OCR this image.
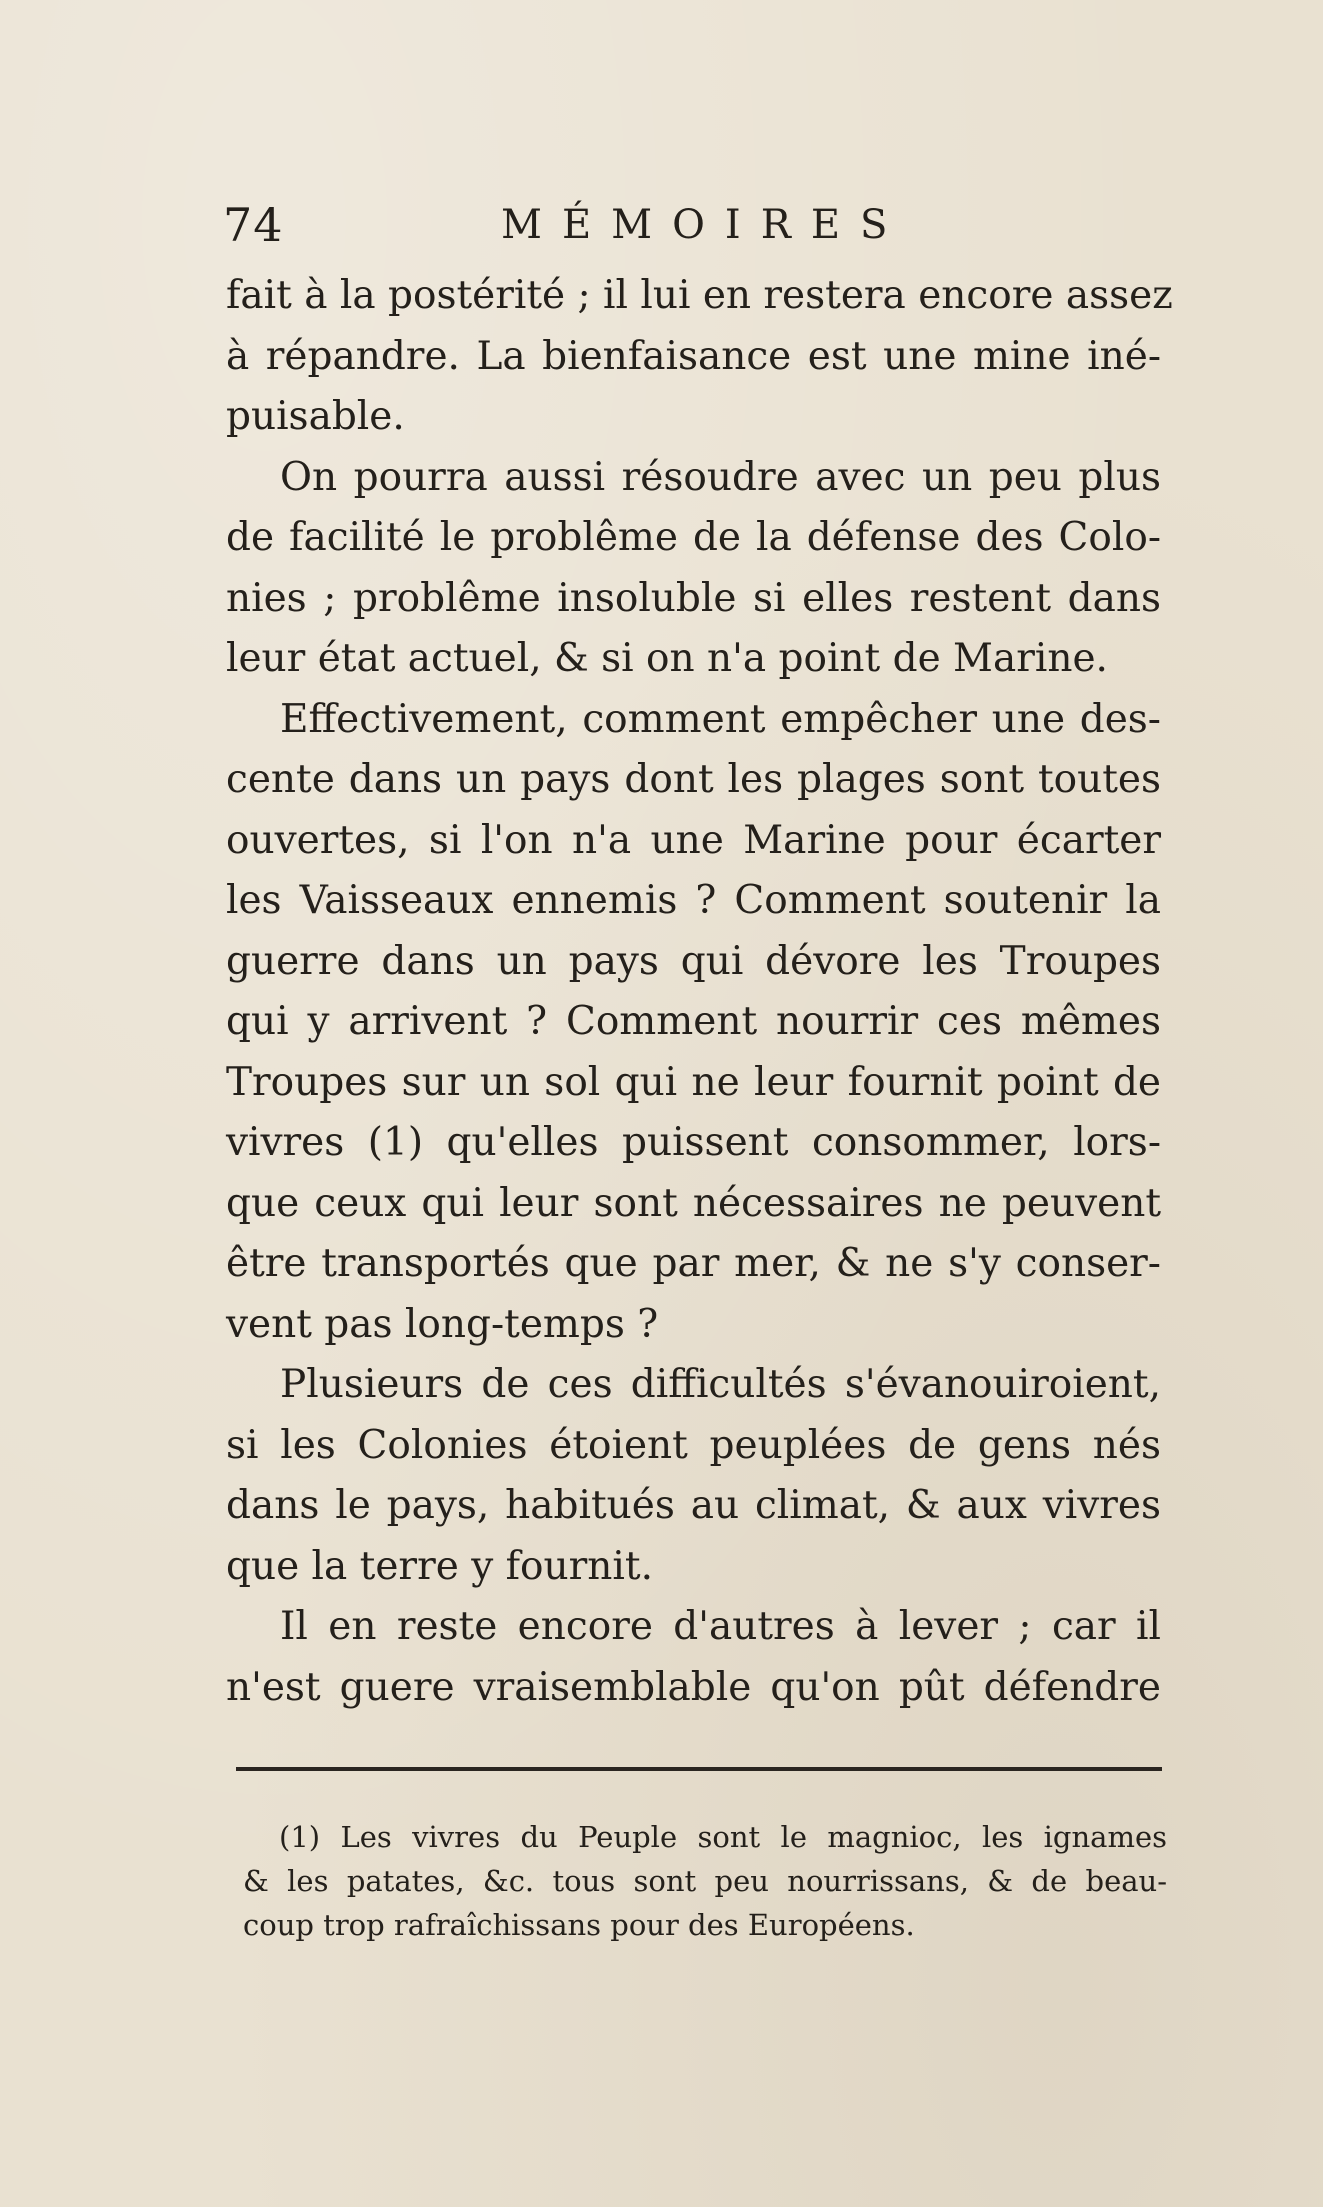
74	MÉMOIRES
fait à la postérité ; il lui en restera encore assez
à répandre. La bienfaisance est une mine iné-
puisable.
On pourra aussi résoudre avec un peu plus
de facilité le problême de la défense des Colo-
nies ; problême insoluble si elles restent dans
leur état actuel, & si on n'a point de Marine.
Effectivement, comment empêcher une des-
cente dans un pays dont les plages sont toutes
ouvertes, si l'on n'a une Marine pour écarter
les Vaisseaux ennemis ? Comment soutenir la
guerre dans un pays qui dévore les Troupes
qui y arrivent ? Comment nourrir ces mêmes
Troupes sur un sol qui ne leur fournit point de
vivres (1) qu'elles puissent consommer, lors-
que ceux qui leur sont nécessaires ne peuvent
être transportés que par mer, & ne s'y conser-
vent pas long-temps ?
Plusieurs de ces difficultés s'évanouiroient,
si les Colonies étoient peuplées de gens nés
dans le pays, habitués au climat, & aux vivres
que la terre y fournit.
Il en reste encore d'autres à lever ; car il
n'est guere vraisemblable qu'on pût défendre
(1) Les vivres du Peuple sont le magnioc, les ignames
& les patates, &c. tous sont peu nourrissans, & de beau-
coup trop rafraîchissans pour des Européens.
